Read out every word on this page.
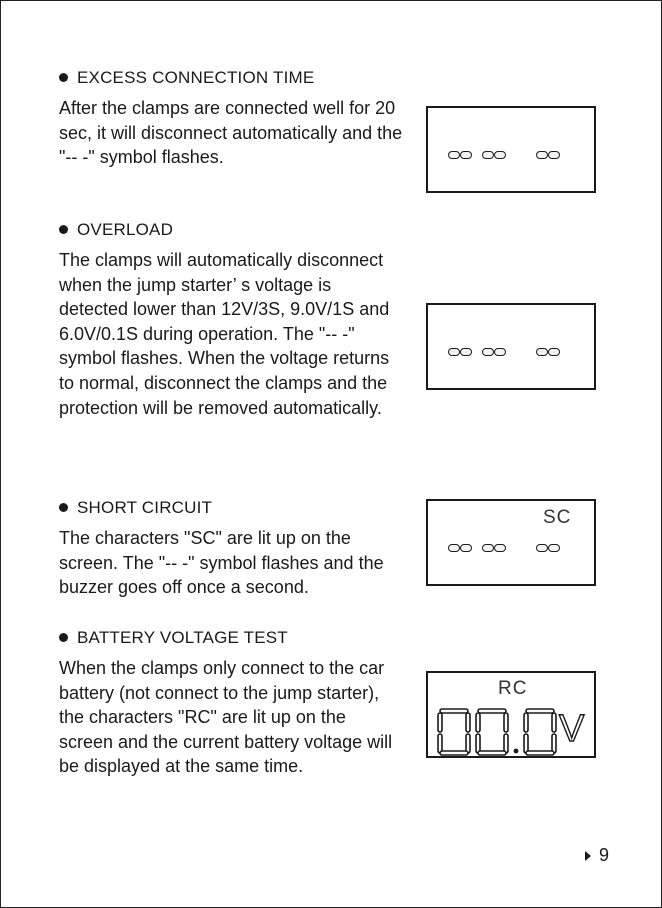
EXCESS CONNECTION TIME
After the clamps are connected well for 20 sec, it will disconnect automatically and the "-- -" symbol flashes.
OVERLOAD
The clamps will automatically disconnect when the jump starter’ s voltage is detected lower than 12V/3S, 9.0V/1S and 6.0V/0.1S during operation. The "-- -" symbol flashes. When the voltage returns to normal, disconnect the clamps and the protection will be removed automatically.
SHORT CIRCUIT
The characters "SC" are lit up on the screen. The "-- -" symbol flashes and the buzzer goes off once a second.
SC
BATTERY VOLTAGE TEST
When the clamps only connect to the car battery (not connect to the jump starter), the characters "RC" are lit up on the screen and the current battery voltage will be displayed at the same time.
RC
V
9
